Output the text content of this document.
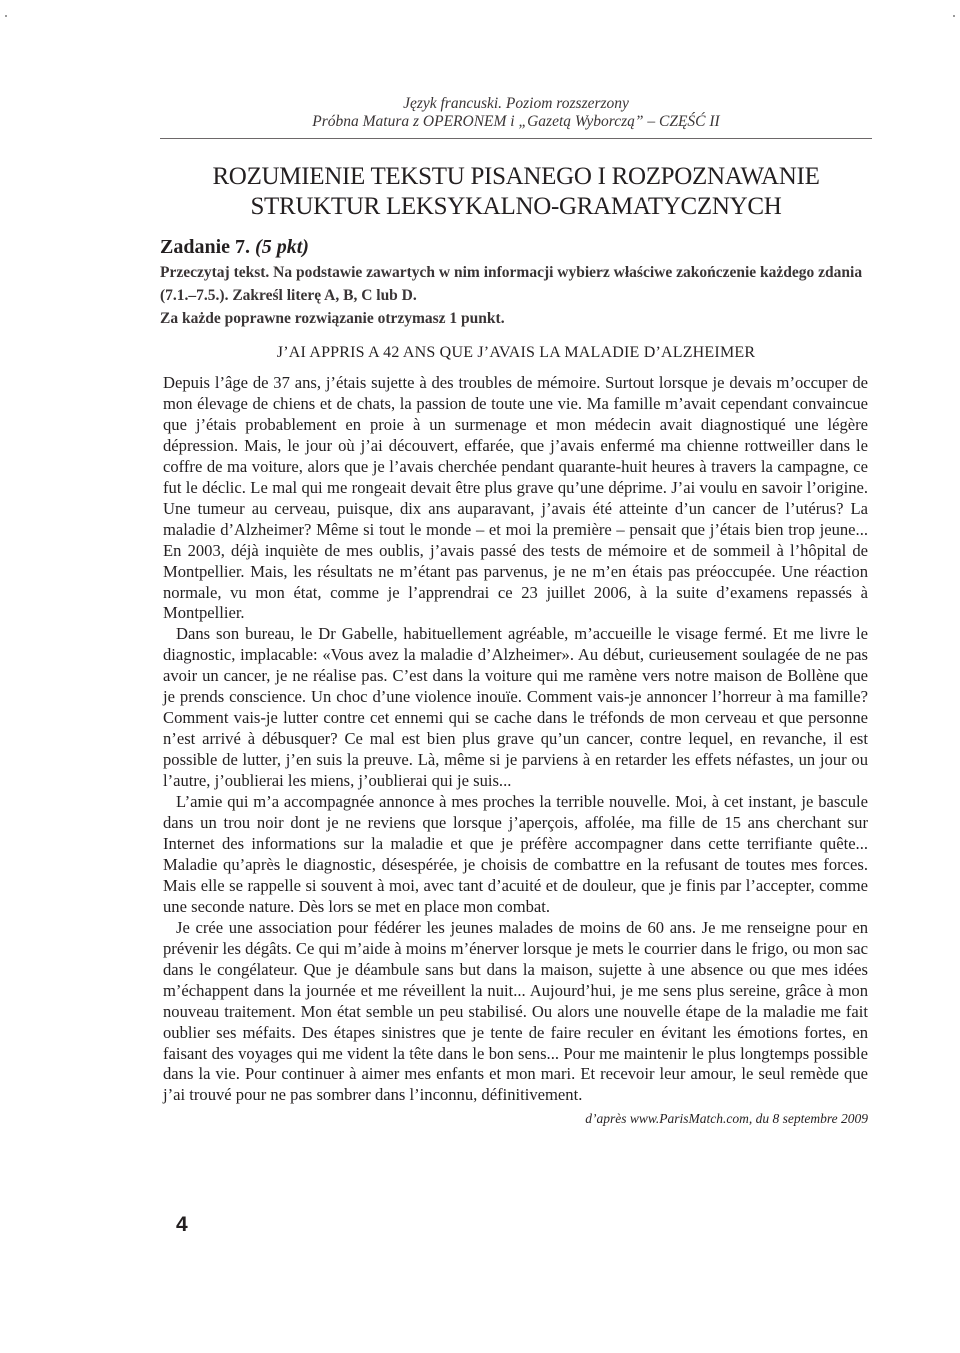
Język francuski. Poziom rozszerzony
Próbna Matura z OPERONEM i „Gazetą Wyborczą” – CZĘŚĆ II
ROZUMIENIE TEKSTU PISANEGO I ROZPOZNAWANIE
STRUKTUR LEKSYKALNO-GRAMATYCZNYCH
Zadanie 7. (5 pkt)

Przeczytaj tekst. Na podstawie zawartych w nim informacji wybierz właściwe zakończenie każdego zdania (7.1.–7.5.). Zakreśl literę A, B, C lub D.

Za każde poprawne rozwiązanie otrzymasz 1 punkt.

J’AI APPRIS A 42 ANS QUE J’AVAIS LA MALADIE D’ALZHEIMER

Depuis l’âge de 37 ans, j’étais sujette à des troubles de mémoire. Surtout lorsque je devais m’occuper de mon élevage de chiens et de chats, la passion de toute une vie. Ma famille m’avait cependant convaincue que j’étais probablement en proie à un surmenage et mon médecin avait diagnostiqué une légère dépression. Mais, le jour où j’ai découvert, effarée, que j’avais enfermé ma chienne rottweiller dans le coffre de ma voiture, alors que je l’avais cherchée pendant quarante-huit heures à travers la campagne, ce fut le déclic. Le mal qui me rongeait devait être plus grave qu’une déprime. J’ai voulu en savoir l’origine. Une tumeur au cerveau, puisque, dix ans auparavant, j’avais été atteinte d’un cancer de l’utérus? La maladie d’Alzheimer? Même si tout le monde – et moi la première – pensait que j’étais bien trop jeune... En 2003, déjà inquiète de mes oublis, j’avais passé des tests de mémoire et de sommeil à l’hôpital de Montpellier. Mais, les résultats ne m’étant pas parvenus, je ne m’en étais pas préoccupée. Une réaction normale, vu mon état, comme je l’apprendrai ce 23 juillet 2006, à la suite d’examens repassés à Montpellier.

Dans son bureau, le Dr Gabelle, habituellement agréable, m’accueille le visage fermé. Et me livre le diagnostic, implacable: «Vous avez la maladie d’Alzheimer». Au début, curieusement soulagée de ne pas avoir un cancer, je ne réalise pas. C’est dans la voiture qui me ramène vers notre maison de Bollène que je prends conscience. Un choc d’une violence inouïe. Comment vais-je annoncer l’horreur à ma famille? Comment vais-je lutter contre cet ennemi qui se cache dans le tréfonds de mon cerveau et que personne n’est arrivé à débusquer? Ce mal est bien plus grave qu’un cancer, contre lequel, en revanche, il est possible de lutter, j’en suis la preuve. Là, même si je parviens à en retarder les effets néfastes, un jour ou l’autre, j’oublierai les miens, j’oublierai qui je suis...

L’amie qui m’a accompagnée annonce à mes proches la terrible nouvelle. Moi, à cet instant, je bascule dans un trou noir dont je ne reviens que lorsque j’aperçois, affolée, ma fille de 15 ans cherchant sur Internet des informations sur la maladie et que je préfère accompagner dans cette terrifiante quête... Maladie qu’après le diagnostic, désespérée, je choisis de combattre en la refusant de toutes mes forces. Mais elle se rappelle si souvent à moi, avec tant d’acuité et de douleur, que je finis par l’accepter, comme une seconde nature. Dès lors se met en place mon combat.

Je crée une association pour fédérer les jeunes malades de moins de 60 ans. Je me renseigne pour en prévenir les dégâts. Ce qui m’aide à moins m’énerver lorsque je mets le courrier dans le frigo, ou mon sac dans le congélateur. Que je déambule sans but dans la maison, sujette à une absence ou que mes idées m’échappent dans la journée et me réveillent la nuit... Aujourd’hui, je me sens plus sereine, grâce à mon nouveau traitement. Mon état semble un peu stabilisé. Ou alors une nouvelle étape de la maladie me fait oublier ses méfaits. Des étapes sinistres que je tente de faire reculer en évitant les émotions fortes, en faisant des voyages qui me vident la tête dans le bon sens... Pour me maintenir le plus longtemps possible dans la vie. Pour continuer à aimer mes enfants et mon mari. Et recevoir leur amour, le seul remède que j’ai trouvé pour ne pas sombrer dans l’inconnu, définitivement.

d’après www.ParisMatch.com, du 8 septembre 2009
4
